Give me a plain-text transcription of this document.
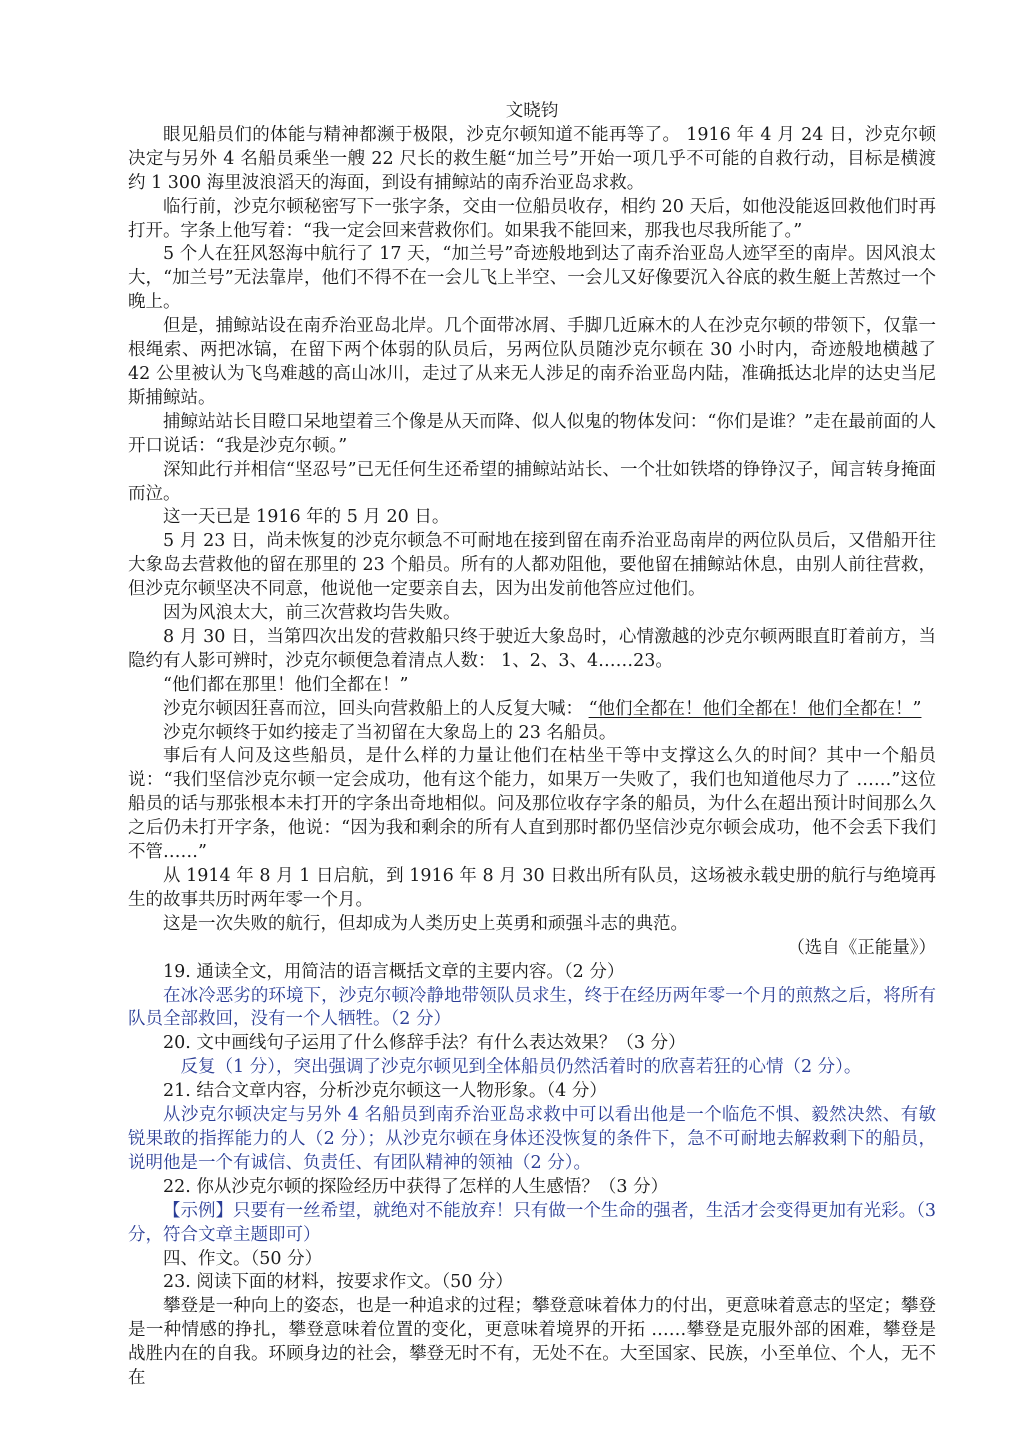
文晓钧

眼见船员们的体能与精神都濒于极限，沙克尔顿知道不能再等了。 1916 年 4 月 24 日，沙克尔顿决定与另外 4 名船员乘坐一艘 22 尺长的救生艇“加兰号”开始一项几乎不可能的自救行动，目标是横渡约 1 300 海里波浪滔天的海面，到设有捕鲸站的南乔治亚岛求救。

临行前，沙克尔顿秘密写下一张字条，交由一位船员收存，相约 20 天后，如他没能返回救他们时再打开。字条上他写着：“我一定会回来营救你们。如果我不能回来，那我也尽我所能了。”

5 个人在狂风怒海中航行了 17 天，“加兰号”奇迹般地到达了南乔治亚岛人迹罕至的南岸。因风浪太大，“加兰号”无法靠岸，他们不得不在一会儿飞上半空、一会儿又好像要沉入谷底的救生艇上苦熬过一个晚上。

但是，捕鲸站设在南乔治亚岛北岸。几个面带冰屑、手脚几近麻木的人在沙克尔顿的带领下，仅靠一根绳索、两把冰镐，在留下两个体弱的队员后，另两位队员随沙克尔顿在 30 小时内，奇迹般地横越了 42 公里被认为飞鸟难越的高山冰川，走过了从来无人涉足的南乔治亚岛内陆，准确抵达北岸的达史当尼斯捕鲸站。

捕鲸站站长目瞪口呆地望着三个像是从天而降、似人似鬼的物体发问：“你们是谁？”走在最前面的人开口说话：“我是沙克尔顿。”

深知此行并相信“坚忍号”已无任何生还希望的捕鲸站站长、一个壮如铁塔的铮铮汉子，闻言转身掩面而泣。

这一天已是 1916 年的 5 月 20 日。

5 月 23 日，尚未恢复的沙克尔顿急不可耐地在接到留在南乔治亚岛南岸的两位队员后，又借船开往大象岛去营救他的留在那里的 23 个船员。所有的人都劝阻他，要他留在捕鲸站休息，由别人前往营救，但沙克尔顿坚决不同意，他说他一定要亲自去，因为出发前他答应过他们。

因为风浪太大，前三次营救均告失败。

8 月 30 日，当第四次出发的营救船只终于驶近大象岛时，心情激越的沙克尔顿两眼直盯着前方，当隐约有人影可辨时，沙克尔顿便急着清点人数： 1、2、3、4……23。

“他们都在那里！他们全都在！”

沙克尔顿因狂喜而泣，回头向营救船上的人反复大喊： “他们全都在！他们全都在！他们全都在！”

沙克尔顿终于如约接走了当初留在大象岛上的 23 名船员。

事后有人问及这些船员，是什么样的力量让他们在枯坐干等中支撑这么久的时间？其中一个船员说：“我们坚信沙克尔顿一定会成功，他有这个能力，如果万一失败了，我们也知道他尽力了 ……”这位船员的话与那张根本未打开的字条出奇地相似。问及那位收存字条的船员，为什么在超出预计时间那么久之后仍未打开字条，他说：“因为我和剩余的所有人直到那时都仍坚信沙克尔顿会成功，他不会丢下我们不管……”

从 1914 年 8 月 1 日启航，到 1916 年 8 月 30 日救出所有队员，这场被永载史册的航行与绝境再生的故事共历时两年零一个月。

这是一次失败的航行，但却成为人类历史上英勇和顽强斗志的典范。

（选自《正能量》）

19. 通读全文，用简洁的语言概括文章的主要内容。（2 分）

在冰冷恶劣的环境下，沙克尔顿冷静地带领队员求生，终于在经历两年零一个月的煎熬之后，将所有队员全部救回，没有一个人牺牲。（2 分）

20. 文中画线句子运用了什么修辞手法？有什么表达效果？（3 分）

反复（1 分），突出强调了沙克尔顿见到全体船员仍然活着时的欣喜若狂的心情（2 分）。

21. 结合文章内容，分析沙克尔顿这一人物形象。（4 分）

从沙克尔顿决定与另外 4 名船员到南乔治亚岛求救中可以看出他是一个临危不惧、毅然决然、有敏锐果敢的指挥能力的人（2 分）；从沙克尔顿在身体还没恢复的条件下，急不可耐地去解救剩下的船员，说明他是一个有诚信、负责任、有团队精神的领袖（2 分）。

22. 你从沙克尔顿的探险经历中获得了怎样的人生感悟？（3 分）

【示例】只要有一丝希望，就绝对不能放弃！只有做一个生命的强者，生活才会变得更加有光彩。（3 分，符合文章主题即可）

四、作文。（50 分）

23. 阅读下面的材料，按要求作文。（50 分）

攀登是一种向上的姿态，也是一种追求的过程；攀登意味着体力的付出，更意味着意志的坚定；攀登是一种情感的挣扎，攀登意味着位置的变化，更意味着境界的开拓 ……攀登是克服外部的困难，攀登是战胜内在的自我。环顾身边的社会，攀登无时不有，无处不在。大至国家、民族，小至单位、个人，无不在
